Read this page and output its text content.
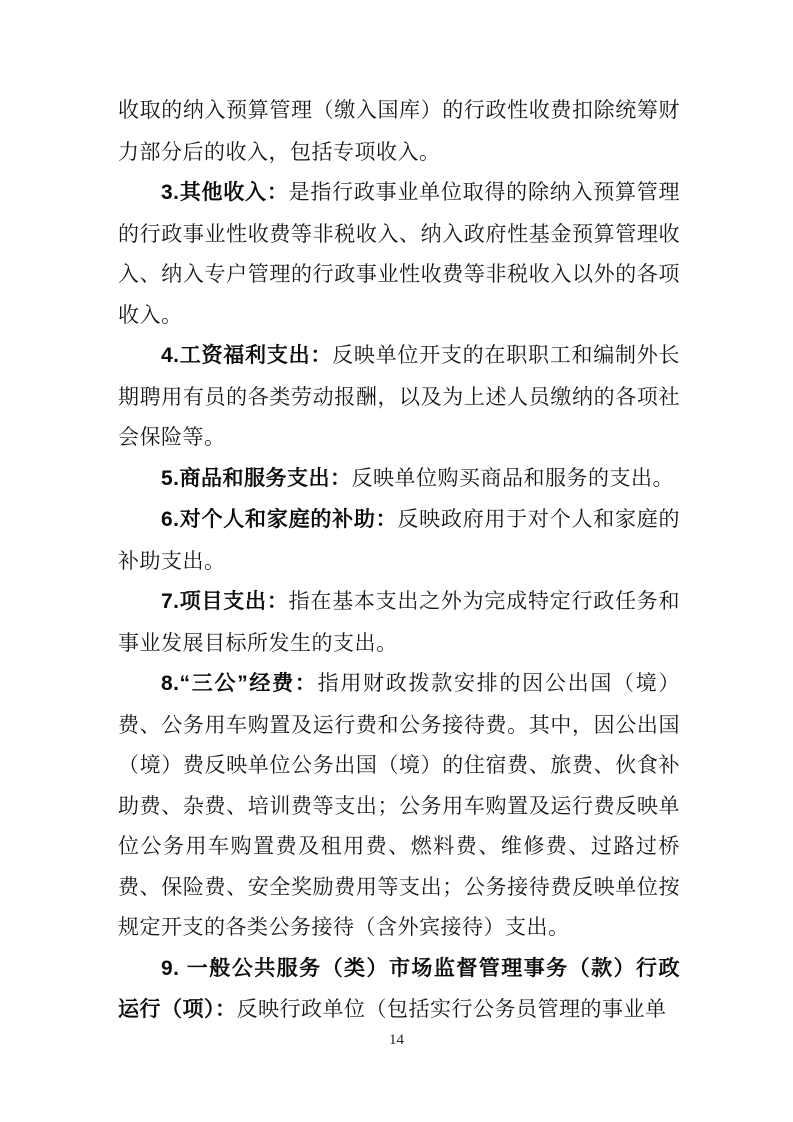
收取的纳入预算管理（缴入国库）的行政性收费扣除统筹财力部分后的收入，包括专项收入。

3.其他收入：是指行政事业单位取得的除纳入预算管理的行政事业性收费等非税收入、纳入政府性基金预算管理收入、纳入专户管理的行政事业性收费等非税收入以外的各项收入。

4.工资福利支出：反映单位开支的在职职工和编制外长期聘用有员的各类劳动报酬，以及为上述人员缴纳的各项社会保险等。

5.商品和服务支出：反映单位购买商品和服务的支出。

6.对个人和家庭的补助：反映政府用于对个人和家庭的补助支出。

7.项目支出：指在基本支出之外为完成特定行政任务和事业发展目标所发生的支出。

8.“三公”经费：指用财政拨款安排的因公出国（境）费、公务用车购置及运行费和公务接待费。其中，因公出国（境）费反映单位公务出国（境）的住宿费、旅费、伙食补助费、杂费、培训费等支出；公务用车购置及运行费反映单位公务用车购置费及租用费、燃料费、维修费、过路过桥费、保险费、安全奖励费用等支出；公务接待费反映单位按规定开支的各类公务接待（含外宾接待）支出。

9. 一般公共服务（类）市场监督管理事务（款）行政运行（项）：反映行政单位（包括实行公务员管理的事业单

14
